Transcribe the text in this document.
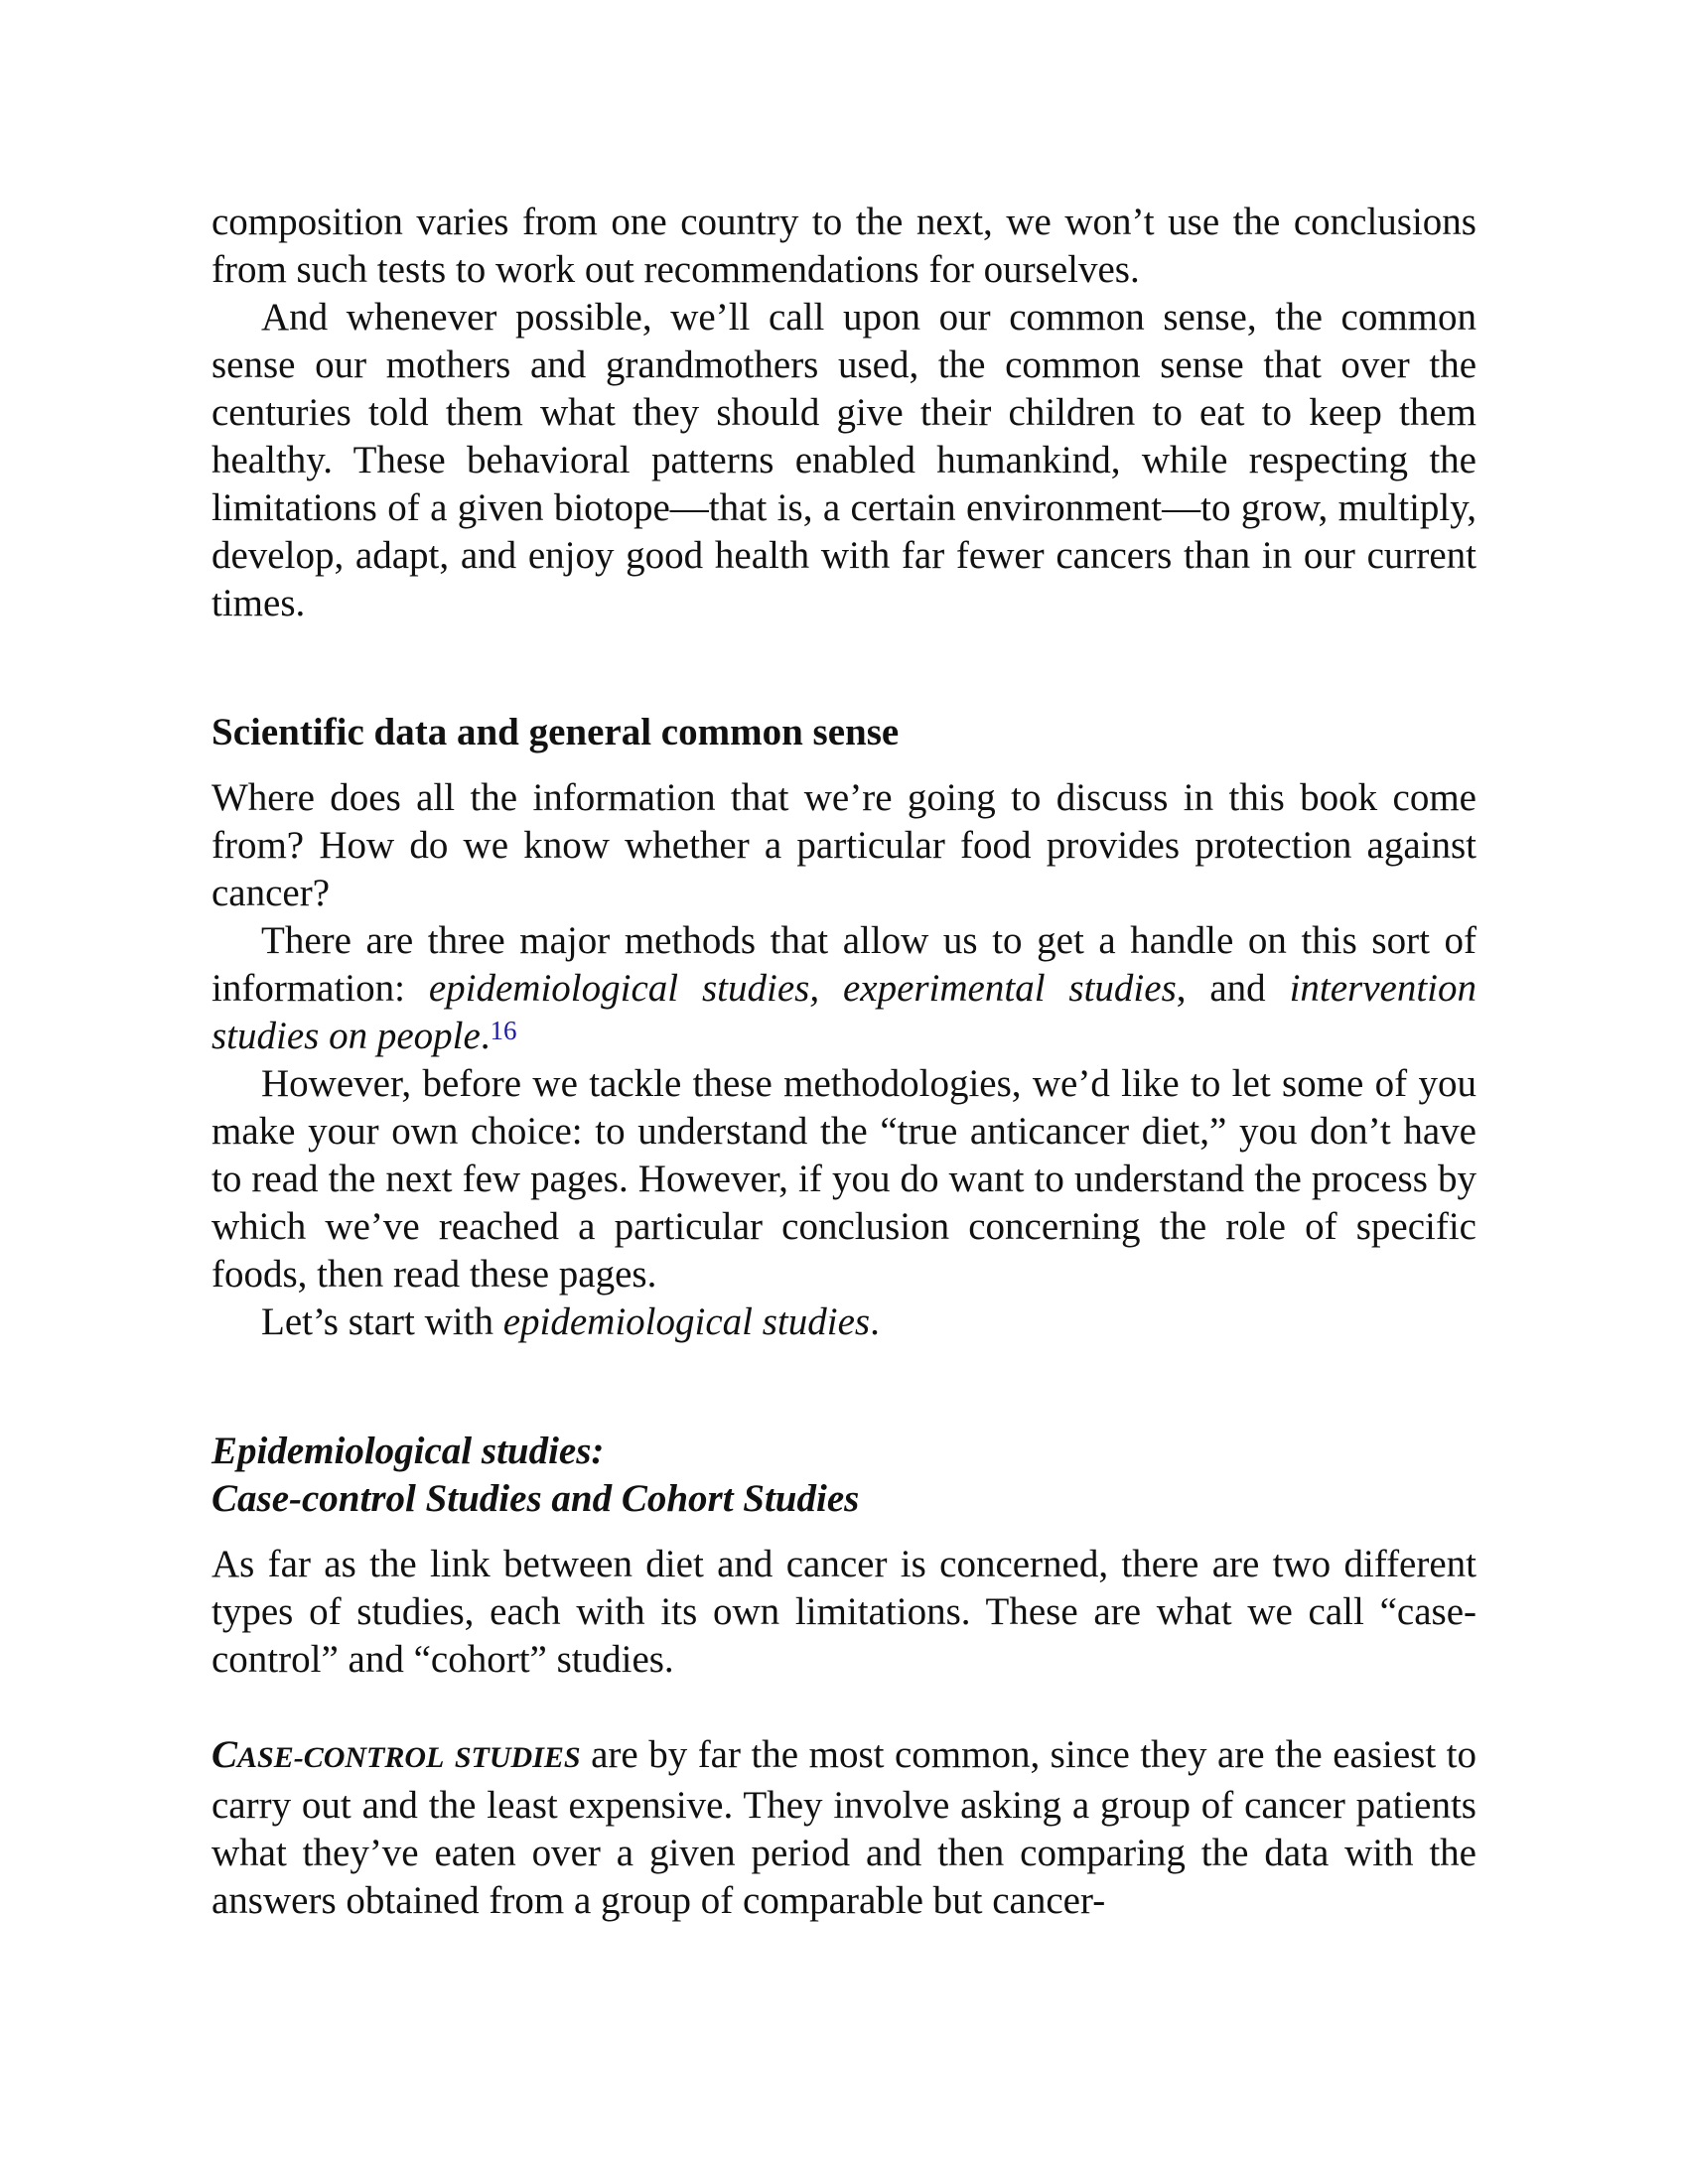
composition varies from one country to the next, we won’t use the conclusions from such tests to work out recommendations for ourselves.

And whenever possible, we’ll call upon our common sense, the common sense our mothers and grandmothers used, the common sense that over the centuries told them what they should give their children to eat to keep them healthy. These behavioral patterns enabled humankind, while respecting the limitations of a given biotope—that is, a certain environment—to grow, multiply, develop, adapt, and enjoy good health with far fewer cancers than in our current times.

Scientific data and general common sense

Where does all the information that we’re going to discuss in this book come from? How do we know whether a particular food provides protection against cancer?

There are three major methods that allow us to get a handle on this sort of information: epidemiological studies, experimental studies, and intervention studies on people.$^{16}$

However, before we tackle these methodologies, we’d like to let some of you make your own choice: to understand the “true anticancer diet,” you don’t have to read the next few pages. However, if you do want to understand the process by which we’ve reached a particular conclusion concerning the role of specific foods, then read these pages.

Let’s start with epidemiological studies.

Epidemiological studies:
Case-control Studies and Cohort Studies

As far as the link between diet and cancer is concerned, there are two different types of studies, each with its own limitations. These are what we call “case-control” and “cohort” studies.

CASE-CONTROL STUDIES are by far the most common, since they are the easiest to carry out and the least expensive. They involve asking a group of cancer patients what they’ve eaten over a given period and then comparing the data with the answers obtained from a group of comparable but cancer-
